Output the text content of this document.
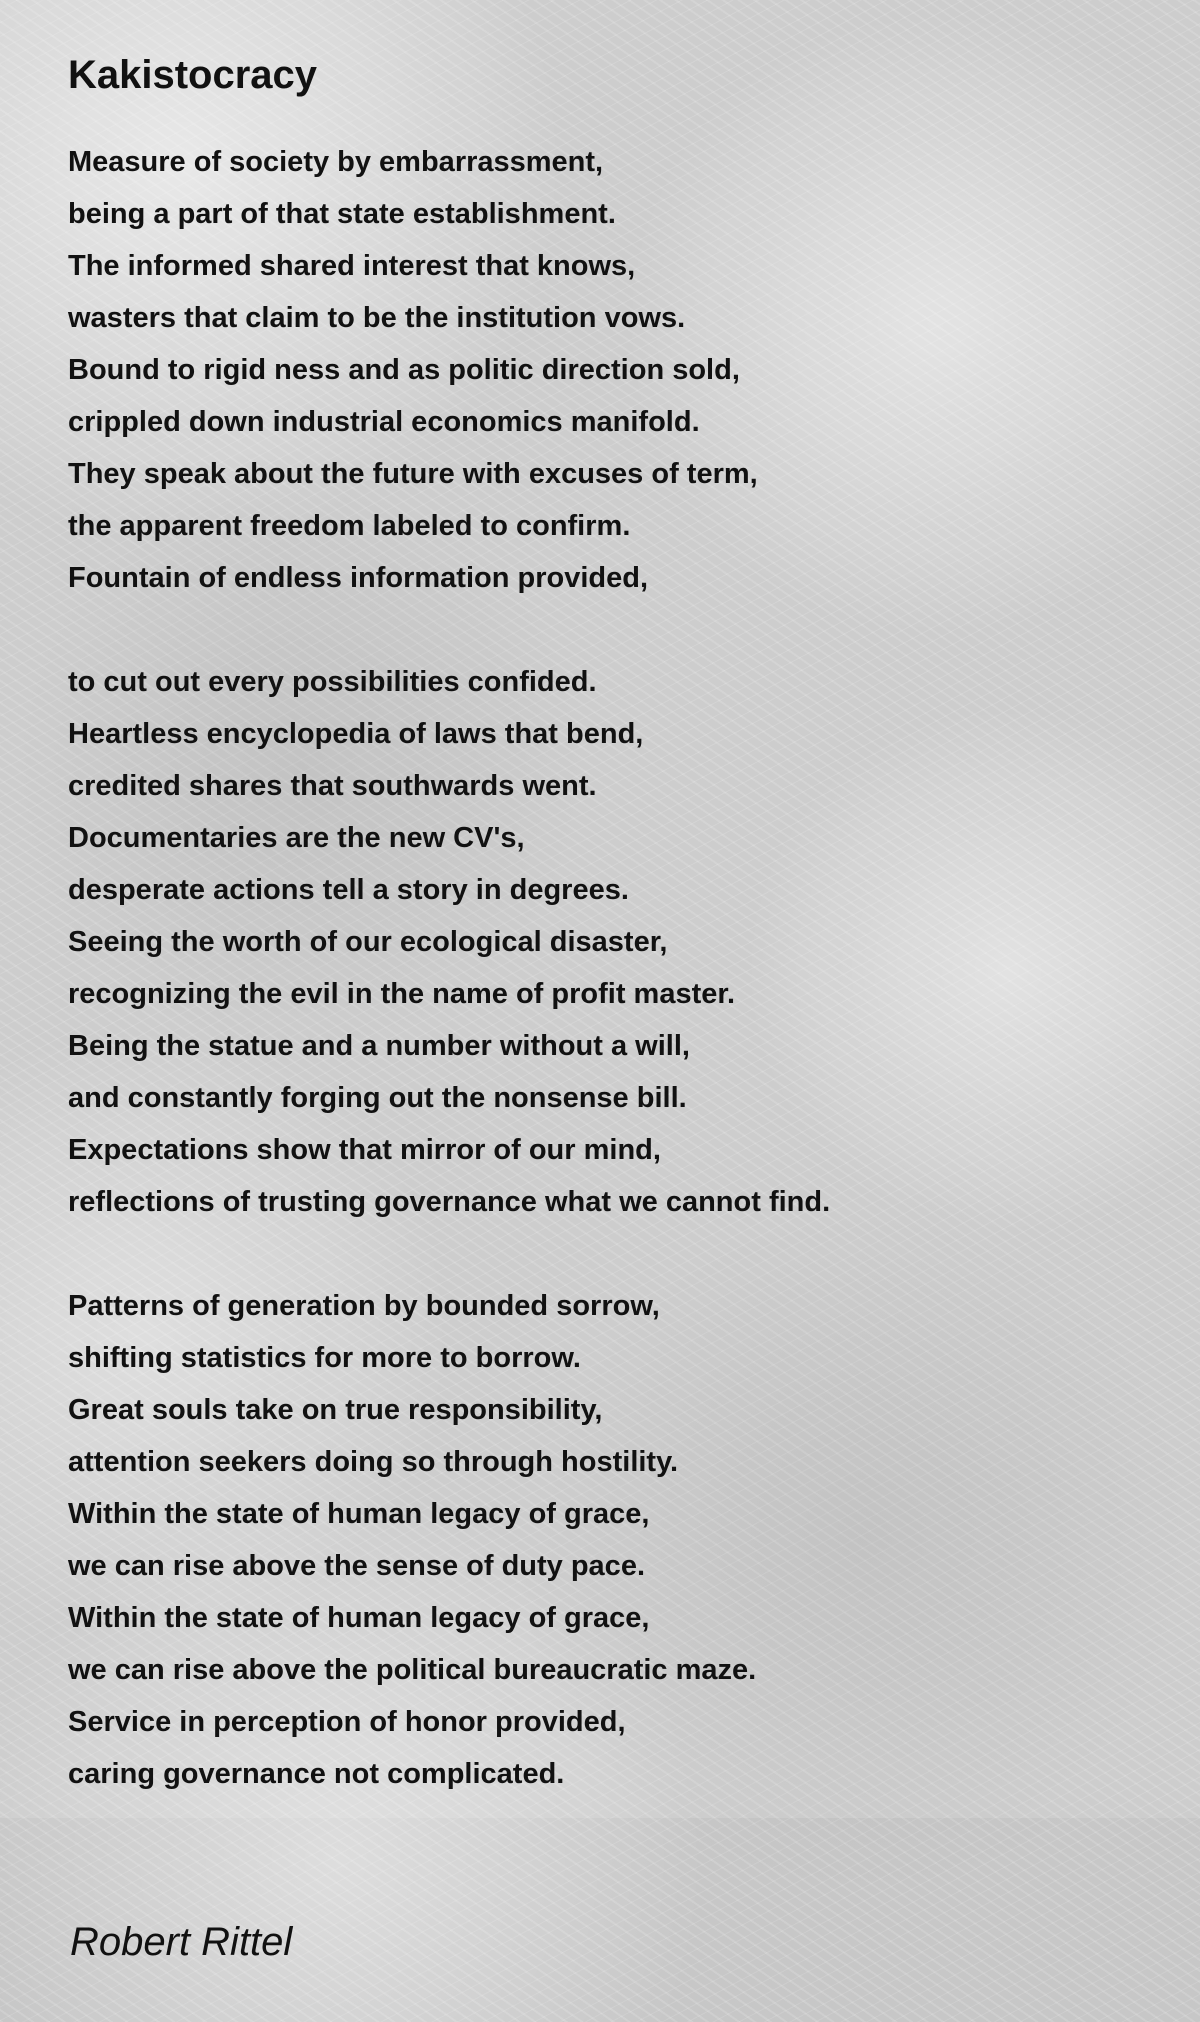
Kakistocracy
Measure of society by embarrassment,
being a part of that state establishment.
The informed shared interest that knows,
wasters that claim to be the institution vows.
Bound to rigid ness and as politic direction sold,
crippled down industrial economics manifold.
They speak about the future with excuses of term,
the apparent freedom labeled to confirm.
Fountain of endless information provided,
to cut out every possibilities confided.
Heartless encyclopedia of laws that bend,
credited shares that southwards went.
Documentaries are the new CV's,
desperate actions tell a story in degrees.
Seeing the worth of our ecological disaster,
recognizing the evil in the name of profit master.
Being the statue and a number without a will,
and constantly forging out the nonsense bill.
Expectations show that mirror of our mind,
reflections of trusting governance what we cannot find.
Patterns of generation by bounded sorrow,
shifting statistics for more to borrow.
Great souls take on true responsibility,
attention seekers doing so through hostility.
Within the state of human legacy of grace,
we can rise above the sense of duty pace.
Within the state of human legacy of grace,
we can rise above the political bureaucratic maze.
Service in perception of honor provided,
caring governance not complicated.
Robert Rittel
